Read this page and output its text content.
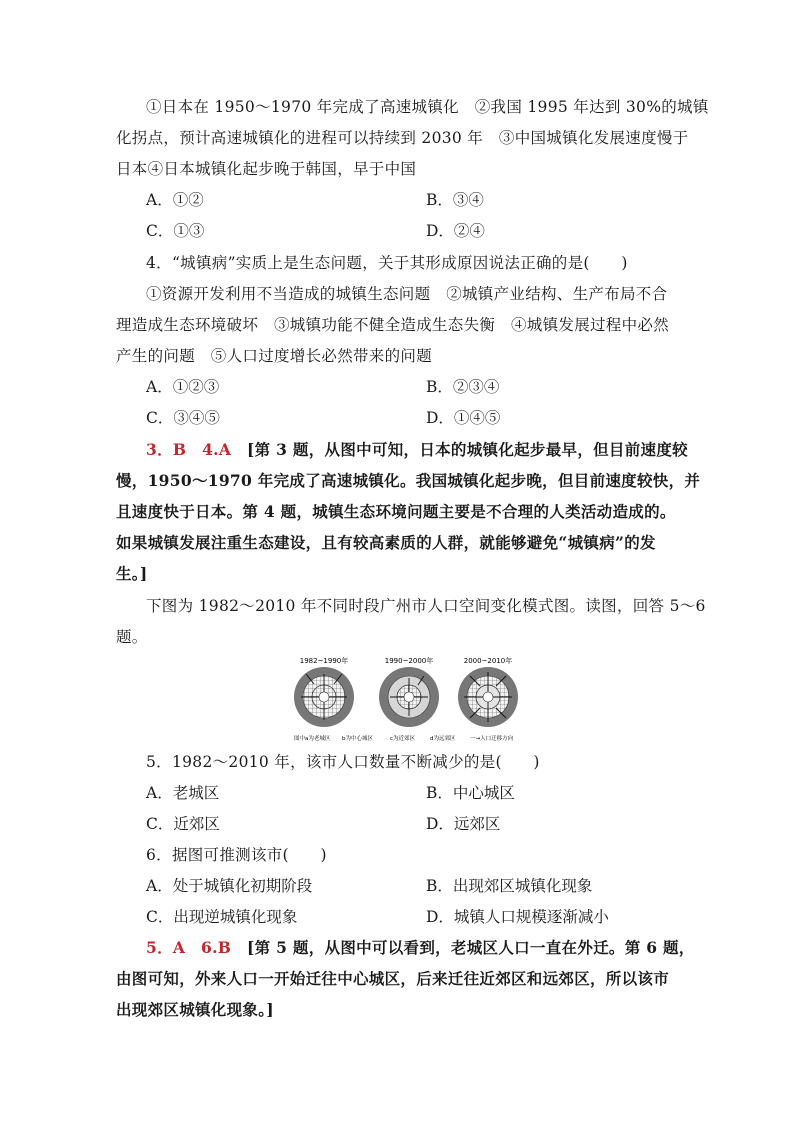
①日本在 1950～1970 年完成了高速城镇化　②我国 1995 年达到 30%的城镇
化拐点，预计高速城镇化的进程可以持续到 2030 年　③中国城镇化发展速度慢于
日本④日本城镇化起步晚于韩国，早于中国
A．①②	B．③④
C．①③	D．②④
4．“城镇病”实质上是生态问题，关于其形成原因说法正确的是(　　)
①资源开发利用不当造成的城镇生态问题　②城镇产业结构、生产布局不合
理造成生态环境破坏　③城镇功能不健全造成生态失衡　④城镇发展过程中必然
产生的问题　⑤人口过度增长必然带来的问题
A．①②③	B．②③④
C．③④⑤	D．①④⑤
3．B　4.A　 [第 3 题，从图中可知，日本的城镇化起步最早，但目前速度较
慢，1950～1970 年完成了高速城镇化。我国城镇化起步晚，但目前速度较快，并
且速度快于日本。第 4 题，城镇生态环境问题主要是不合理的人类活动造成的。
如果城镇发展注重生态建设，且有较高素质的人群，就能够避免“城镇病”的发
生。]
下图为 1982～2010 年不同时段广州市人口空间变化模式图。读图，回答 5～6
题。
1982~1990年	1990~2000年	2000~2010年
图中a为老城区 b为中心城区	c为近郊区	d为远郊区	一→人口迁移方向
5．1982～2010 年，该市人口数量不断减少的是(　　)
A．老城区	B．中心城区
C．近郊区	D．远郊区
6．据图可推测该市(　　)
A．处于城镇化初期阶段	B．出现郊区城镇化现象
C．出现逆城镇化现象	D．城镇人口规模逐渐减小
5．A　6.B　 [第 5 题，从图中可以看到，老城区人口一直在外迁。第 6 题，
由图可知，外来人口一开始迁往中心城区，后来迁往近郊区和远郊区，所以该市
出现郊区城镇化现象。]
